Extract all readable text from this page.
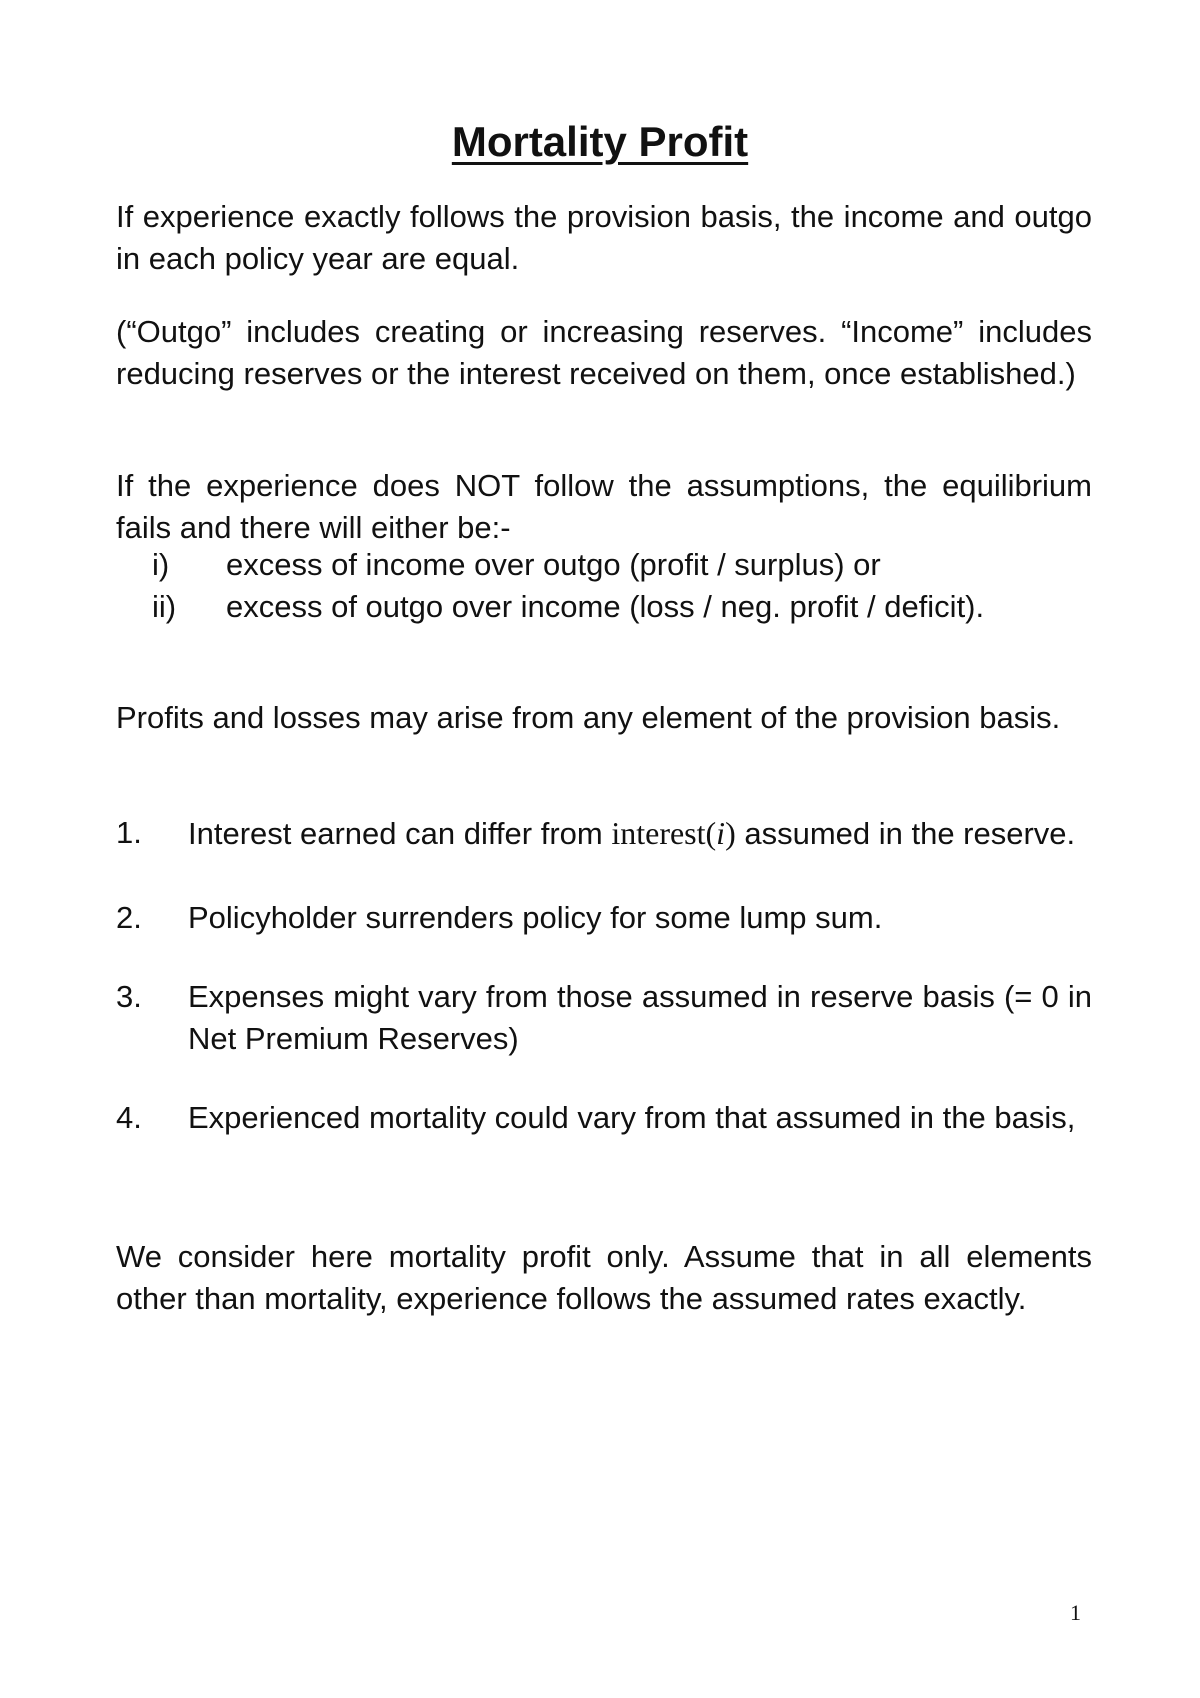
Mortality Profit

If experience exactly follows the provision basis, the income and outgo in each policy year are equal.

(“Outgo” includes creating or increasing reserves. “Income” includes reducing reserves or the interest received on them, once established.)

If the experience does NOT follow the assumptions, the equilibrium fails and there will either be:-

i) excess of income over outgo (profit / surplus) or
ii) excess of outgo over income (loss / neg. profit / deficit).

Profits and losses may arise from any element of the provision basis.

1. Interest earned can differ from interest(i) assumed in the reserve.
2. Policyholder surrenders policy for some lump sum.
3. Expenses might vary from those assumed in reserve basis (= 0 in Net Premium Reserves)
4. Experienced mortality could vary from that assumed in the basis,

We consider here mortality profit only. Assume that in all elements other than mortality, experience follows the assumed rates exactly.

1
